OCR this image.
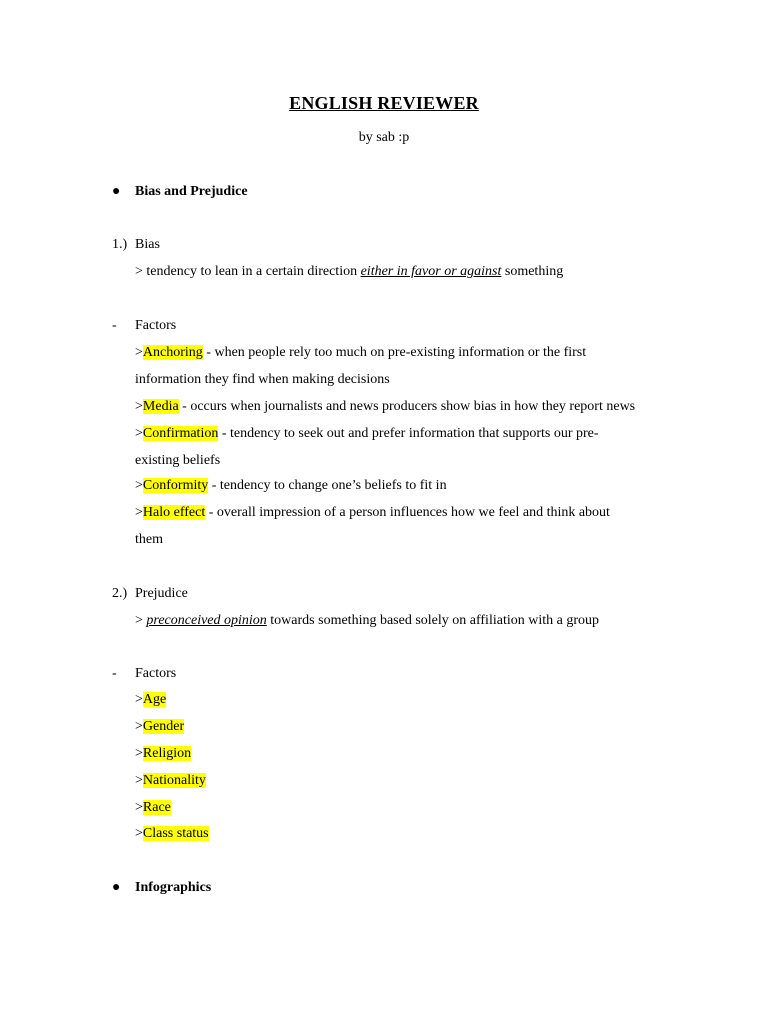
ENGLISH REVIEWER
by sab :p
● Bias and Prejudice
1.) Bias
> tendency to lean in a certain direction either in favor or against something
- Factors
>Anchoring - when people rely too much on pre-existing information or the first
information they find when making decisions
>Media - occurs when journalists and news producers show bias in how they report news
>Confirmation - tendency to seek out and prefer information that supports our pre-
existing beliefs
>Conformity - tendency to change one’s beliefs to fit in
>Halo effect - overall impression of a person influences how we feel and think about
them
2.) Prejudice
> preconceived opinion towards something based solely on affiliation with a group
- Factors
>Age
>Gender
>Religion
>Nationality
>Race
>Class status
● Infographics
